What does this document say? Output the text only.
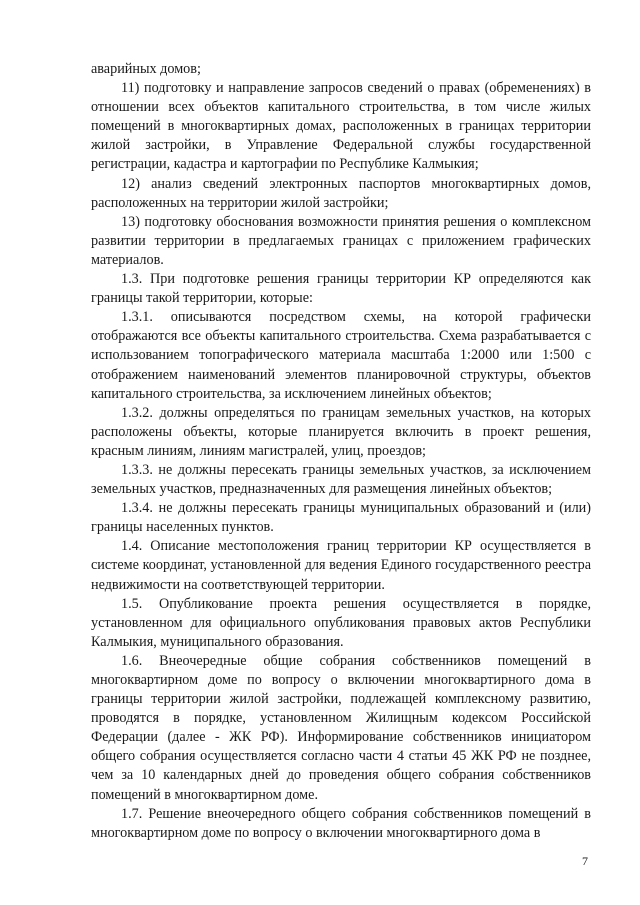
аварийных домов;

11) подготовку и направление запросов сведений о правах (обременениях) в отношении всех объектов капитального строительства, в том числе жилых помещений в многоквартирных домах, расположенных в границах территории жилой застройки, в Управление Федеральной службы государственной регистрации, кадастра и картографии по Республике Калмыкия;

12) анализ сведений электронных паспортов многоквартирных домов, расположенных на территории жилой застройки;

13) подготовку обоснования возможности принятия решения о комплексном развитии территории в предлагаемых границах с приложением графических материалов.

1.3. При подготовке решения границы территории КР определяются как границы такой территории, которые:

1.3.1. описываются посредством схемы, на которой графически отображаются все объекты капитального строительства. Схема разрабатывается с использованием топографического материала масштаба 1:2000 или 1:500 с отображением наименований элементов планировочной структуры, объектов капитального строительства, за исключением линейных объектов;

1.3.2. должны определяться по границам земельных участков, на которых расположены объекты, которые планируется включить в проект решения, красным линиям, линиям магистралей, улиц, проездов;

1.3.3. не должны пересекать границы земельных участков, за исключением земельных участков, предназначенных для размещения линейных объектов;

1.3.4. не должны пересекать границы муниципальных образований и (или) границы населенных пунктов.

1.4. Описание местоположения границ территории КР осуществляется в системе координат, установленной для ведения Единого государственного реестра недвижимости на соответствующей территории.

1.5. Опубликование проекта решения осуществляется в порядке, установленном для официального опубликования правовых актов Республики Калмыкия, муниципального образования.

1.6. Внеочередные общие собрания собственников помещений в многоквартирном доме по вопросу о включении многоквартирного дома в границы территории жилой застройки, подлежащей комплексному развитию, проводятся в порядке, установленном Жилищным кодексом Российской Федерации (далее - ЖК РФ). Информирование собственников инициатором общего собрания осуществляется согласно части 4 статьи 45 ЖК РФ не позднее, чем за 10 календарных дней до проведения общего собрания собственников помещений в многоквартирном доме.

1.7. Решение внеочередного общего собрания собственников помещений в многоквартирном доме по вопросу о включении многоквартирного дома в

7
